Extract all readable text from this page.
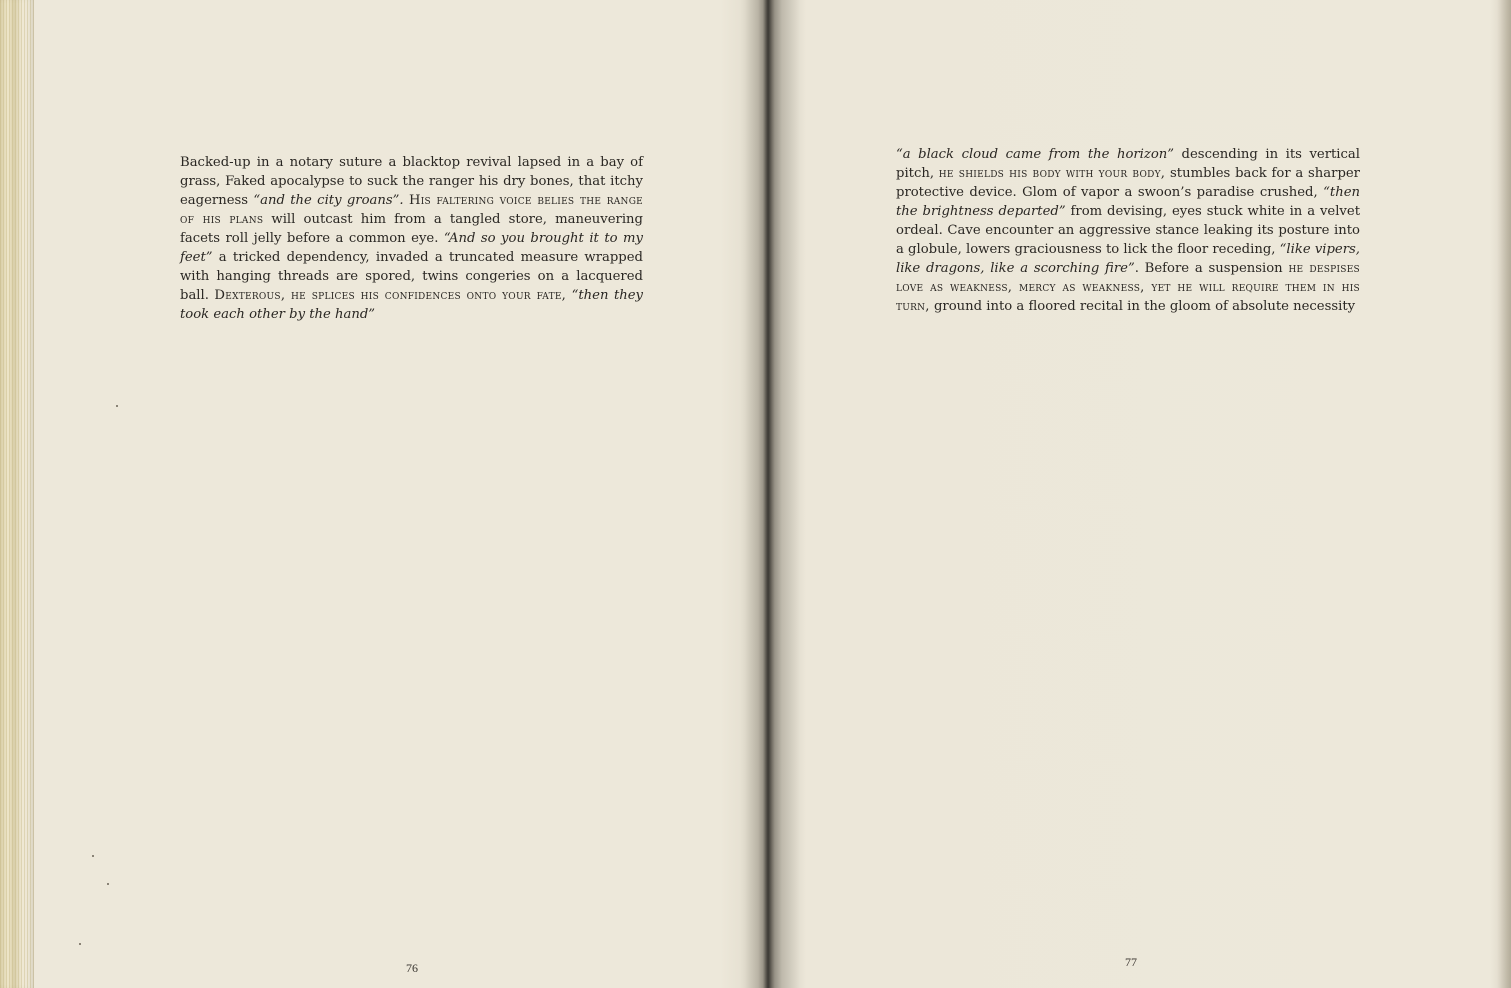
Backed-up in a notary suture a blacktop revival lapsed in a bay of grass, Faked apocalypse to suck the ranger his dry bones, that itchy eagerness “and the city groans”. His faltering voice belies the range of his plans will outcast him from a tangled store, maneuvering facets roll jelly before a common eye. “And so you brought it to my feet” a tricked dependency, invaded a truncated measure wrapped with hanging threads are spored, twins congeries on a lacquered ball. Dexterous, he splices his confidences onto your fate, “then they took each other by the hand”
“a black cloud came from the horizon” descending in its vertical pitch, he shields his body with your body, stumbles back for a sharper protective device. Glom of vapor a swoon’s paradise crushed, “then the brightness departed” from devising, eyes stuck white in a velvet ordeal. Cave encounter an aggressive stance leaking its posture into a globule, lowers graciousness to lick the floor receding, “like vipers, like dragons, like a scorching fire”. Before a suspension he despises love as weakness, mercy as weakness, yet he will require them in his turn, ground into a floored recital in the gloom of absolute necessity
76	77
